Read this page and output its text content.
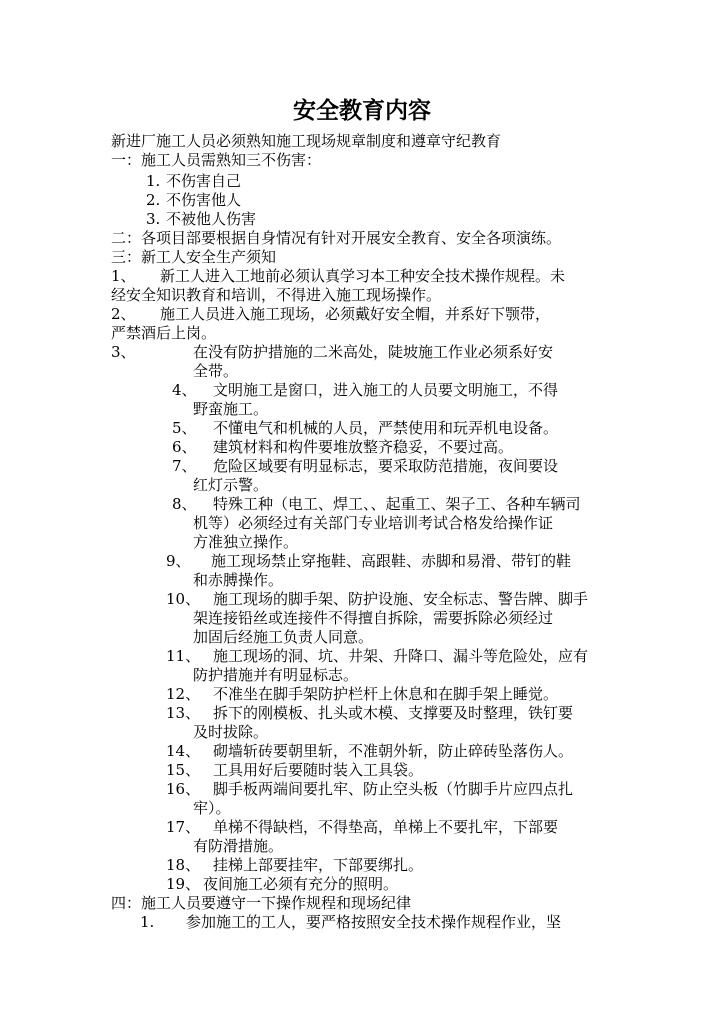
安全教育内容
新进厂施工人员必须熟知施工现场规章制度和遵章守纪教育
一：施工人员需熟知三不伤害：
1. 不伤害自己
2. 不伤害他人
3. 不被他人伤害
二：各项目部要根据自身情况有针对开展安全教育、安全各项演练。
三：新工人安全生产须知
1、 新工人进入工地前必须认真学习本工种安全技术操作规程。未
经安全知识教育和培训，不得进入施工现场操作。
2、 施工人员进入施工现场，必须戴好安全帽，并系好下颚带，
严禁酒后上岗。
3、	在没有防护措施的二米高处，陡坡施工作业必须系好安
全带。
4、 文明施工是窗口，进入施工的人员要文明施工，不得
野蛮施工。
5、 不懂电气和机械的人员，严禁使用和玩弄机电设备。
6、 建筑材料和构件要堆放整齐稳妥，不要过高。
7、 危险区域要有明显标志，要采取防范措施，夜间要设
红灯示警。
8、 特殊工种（电工、焊工、、起重工、架子工、各种车辆司
机等）必须经过有关部门专业培训考试合格发给操作证
方准独立操作。
9、 施工现场禁止穿拖鞋、高跟鞋、赤脚和易滑、带钉的鞋
和赤膊操作。
10、 施工现场的脚手架、防护设施、安全标志、警告牌、脚手
架连接铅丝或连接件不得擅自拆除，需要拆除必须经过
加固后经施工负责人同意。
11、 施工现场的洞、坑、井架、升降口、漏斗等危险处，应有
防护措施并有明显标志。
12、 不准坐在脚手架防护栏杆上休息和在脚手架上睡觉。
13、 拆下的刚模板、扎头或木模、支撑要及时整理，铁钉要
及时拔除。
14、 砌墙斩砖要朝里斩，不准朝外斩，防止碎砖坠落伤人。
15、 工具用好后要随时装入工具袋。
16、 脚手板两端间要扎牢、防止空头板（竹脚手片应四点扎
牢）。
17、 单梯不得缺档，不得垫高，单梯上不要扎牢，下部要
有防滑措施。
18、 挂梯上部要挂牢，下部要绑扎。
19、 夜间施工必须有充分的照明。
四：施工人员要遵守一下操作规程和现场纪律
1. 参加施工的工人，要严格按照安全技术操作规程作业，坚
